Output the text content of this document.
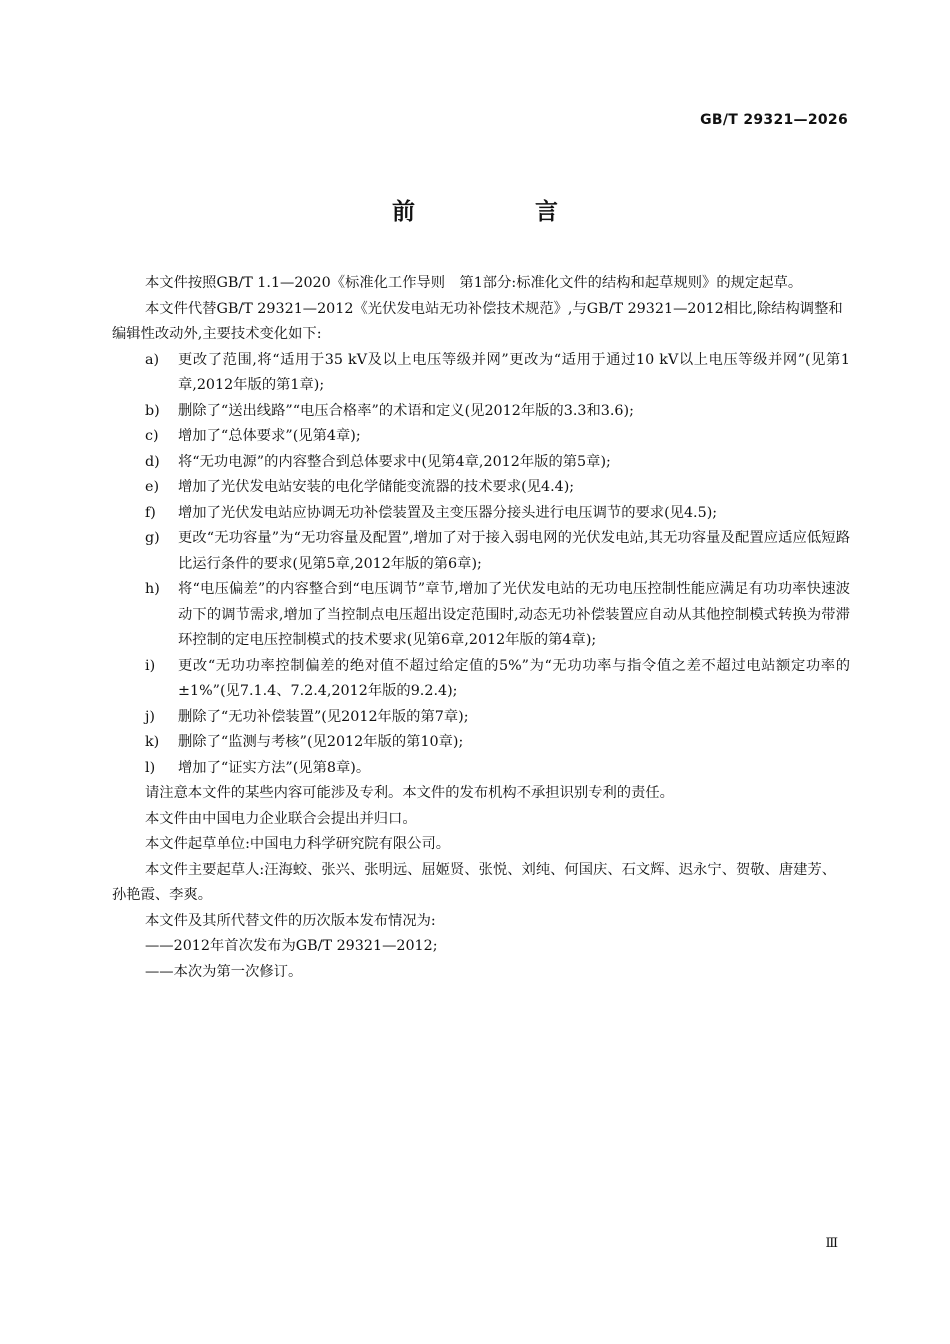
GB/T 29321—2026
前 言

本文件按照GB/T 1.1—2020《标准化工作导则　第1部分:标准化文件的结构和起草规则》的规定起草。

本文件代替GB/T 29321—2012《光伏发电站无功补偿技术规范》,与GB/T 29321—2012相比,除结构调整和编辑性改动外,主要技术变化如下:

a)	更改了范围,将“适用于35 kV及以上电压等级并网”更改为“适用于通过10 kV以上电压等级并网”(见第1章,2012年版的第1章);
b)	删除了“送出线路”“电压合格率”的术语和定义(见2012年版的3.3和3.6);
c)	增加了“总体要求”(见第4章);
d)	将“无功电源”的内容整合到总体要求中(见第4章,2012年版的第5章);
e)	增加了光伏发电站安装的电化学储能变流器的技术要求(见4.4);
f)	增加了光伏发电站应协调无功补偿装置及主变压器分接头进行电压调节的要求(见4.5);
g)	更改“无功容量”为“无功容量及配置”,增加了对于接入弱电网的光伏发电站,其无功容量及配置应适应低短路比运行条件的要求(见第5章,2012年版的第6章);
h)	将“电压偏差”的内容整合到“电压调节”章节,增加了光伏发电站的无功电压控制性能应满足有功功率快速波动下的调节需求,增加了当控制点电压超出设定范围时,动态无功补偿装置应自动从其他控制模式转换为带滞环控制的定电压控制模式的技术要求(见第6章,2012年版的第4章);
i)	更改“无功功率控制偏差的绝对值不超过给定值的5%”为“无功功率与指令值之差不超过电站额定功率的±1%”(见7.1.4、7.2.4,2012年版的9.2.4);
j)	删除了“无功补偿装置”(见2012年版的第7章);
k)	删除了“监测与考核”(见2012年版的第10章);
l)	增加了“证实方法”(见第8章)。

请注意本文件的某些内容可能涉及专利。本文件的发布机构不承担识别专利的责任。

本文件由中国电力企业联合会提出并归口。

本文件起草单位:中国电力科学研究院有限公司。

本文件主要起草人:汪海蛟、张兴、张明远、屈姬贤、张悦、刘纯、何国庆、石文辉、迟永宁、贺敬、唐建芳、孙艳霞、李爽。

本文件及其所代替文件的历次版本发布情况为:

——2012年首次发布为GB/T 29321—2012;

——本次为第一次修订。

Ⅲ
